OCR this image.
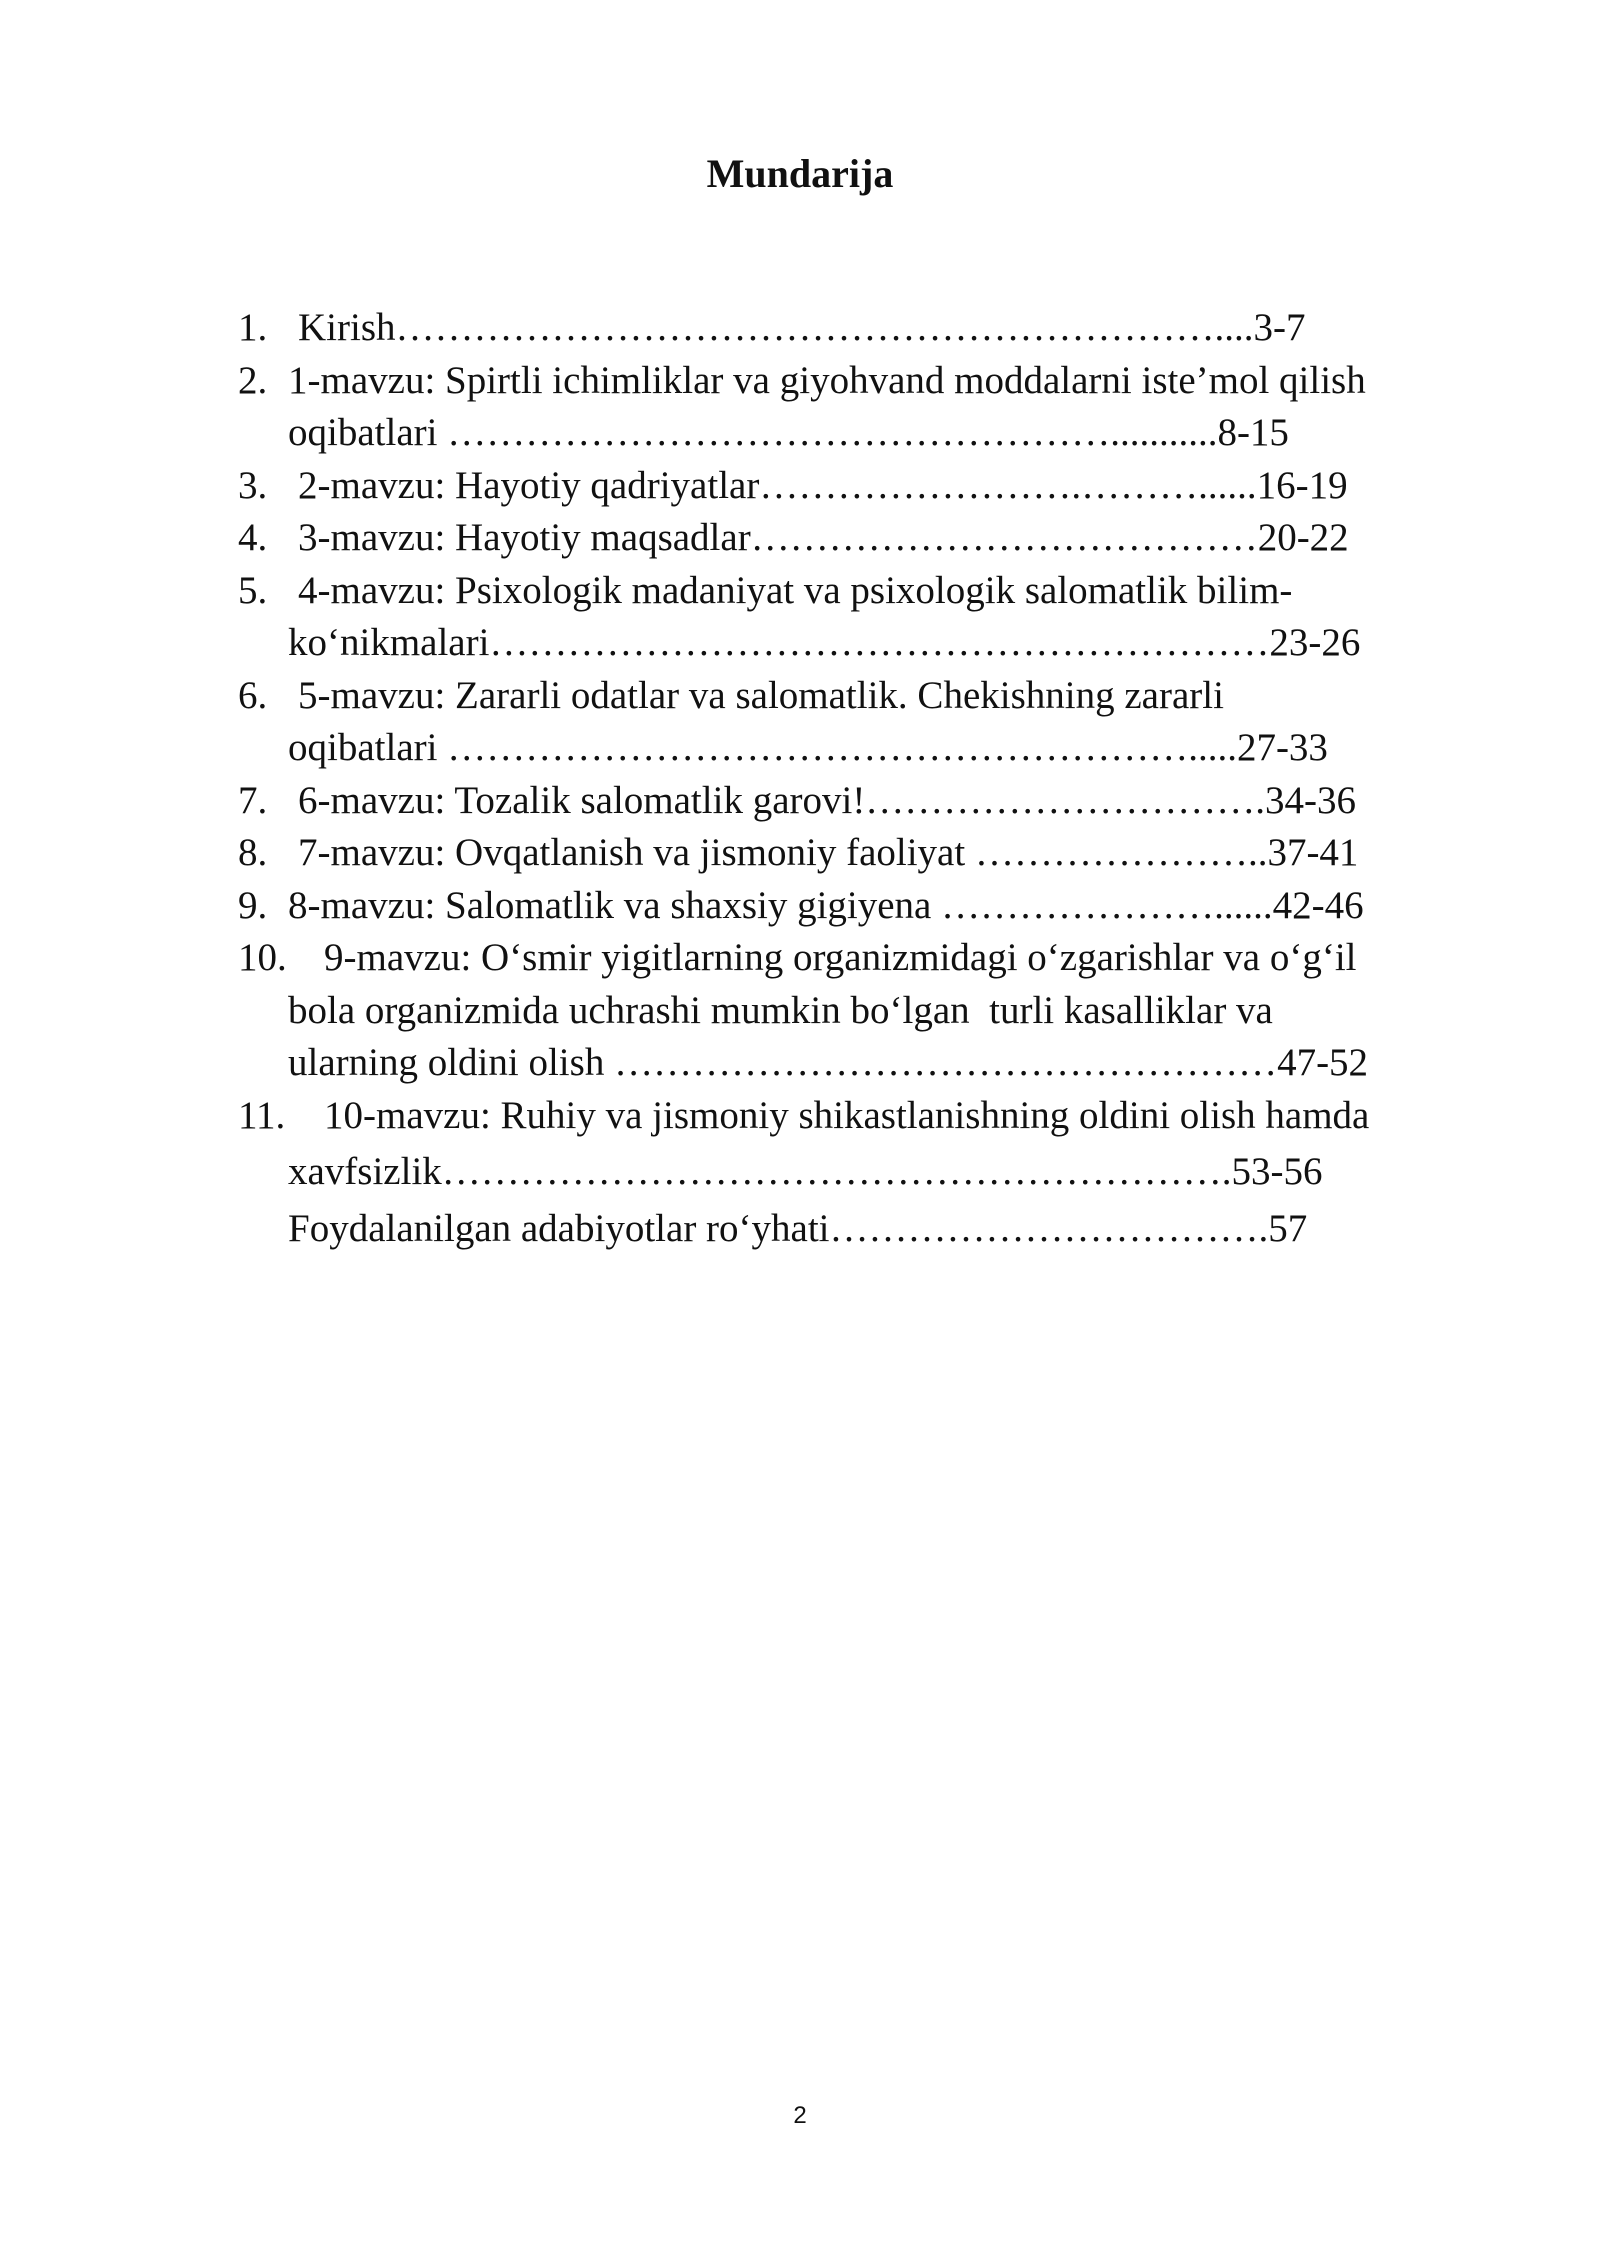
Mundarija
1. Kirish………………………………………………………....3-7
2. 1-mavzu: Spirtli ichimliklar va giyohvand moddalarni iste’mol qilish
oqibatlari ……………………………………………...........8-15
3. 2-mavzu: Hayotiy qadriyatlar…………………….………......16-19
4. 3-mavzu: Hayotiy maqsadlar…………………………………20-22
5. 4-mavzu: Psixologik madaniyat va psixologik salomatlik bilim-
ko‘nikmalari……………………………………………………23-26
6. 5-mavzu: Zararli odatlar va salomatlik. Chekishning zararli
oqibatlari ………………………………………………….....27-33
7. 6-mavzu: Tozalik salomatlik garovi!………………………….34-36
8. 7-mavzu: Ovqatlanish va jismoniy faoliyat …………………..37-41
9. 8-mavzu: Salomatlik va shaxsiy gigiyena …………………......42-46
10. 9-mavzu: O‘smir yigitlarning organizmidagi o‘zgarishlar va o‘g‘il
bola organizmida uchrashi mumkin bo‘lgan  turli kasalliklar va
ularning oldini olish ……………………………………………47-52
11. 10-mavzu: Ruhiy va jismoniy shikastlanishning oldini olish hamda
xavfsizlik…………………………………………………….53-56
Foydalanilgan adabiyotlar ro‘yhati…………………………….57
2
